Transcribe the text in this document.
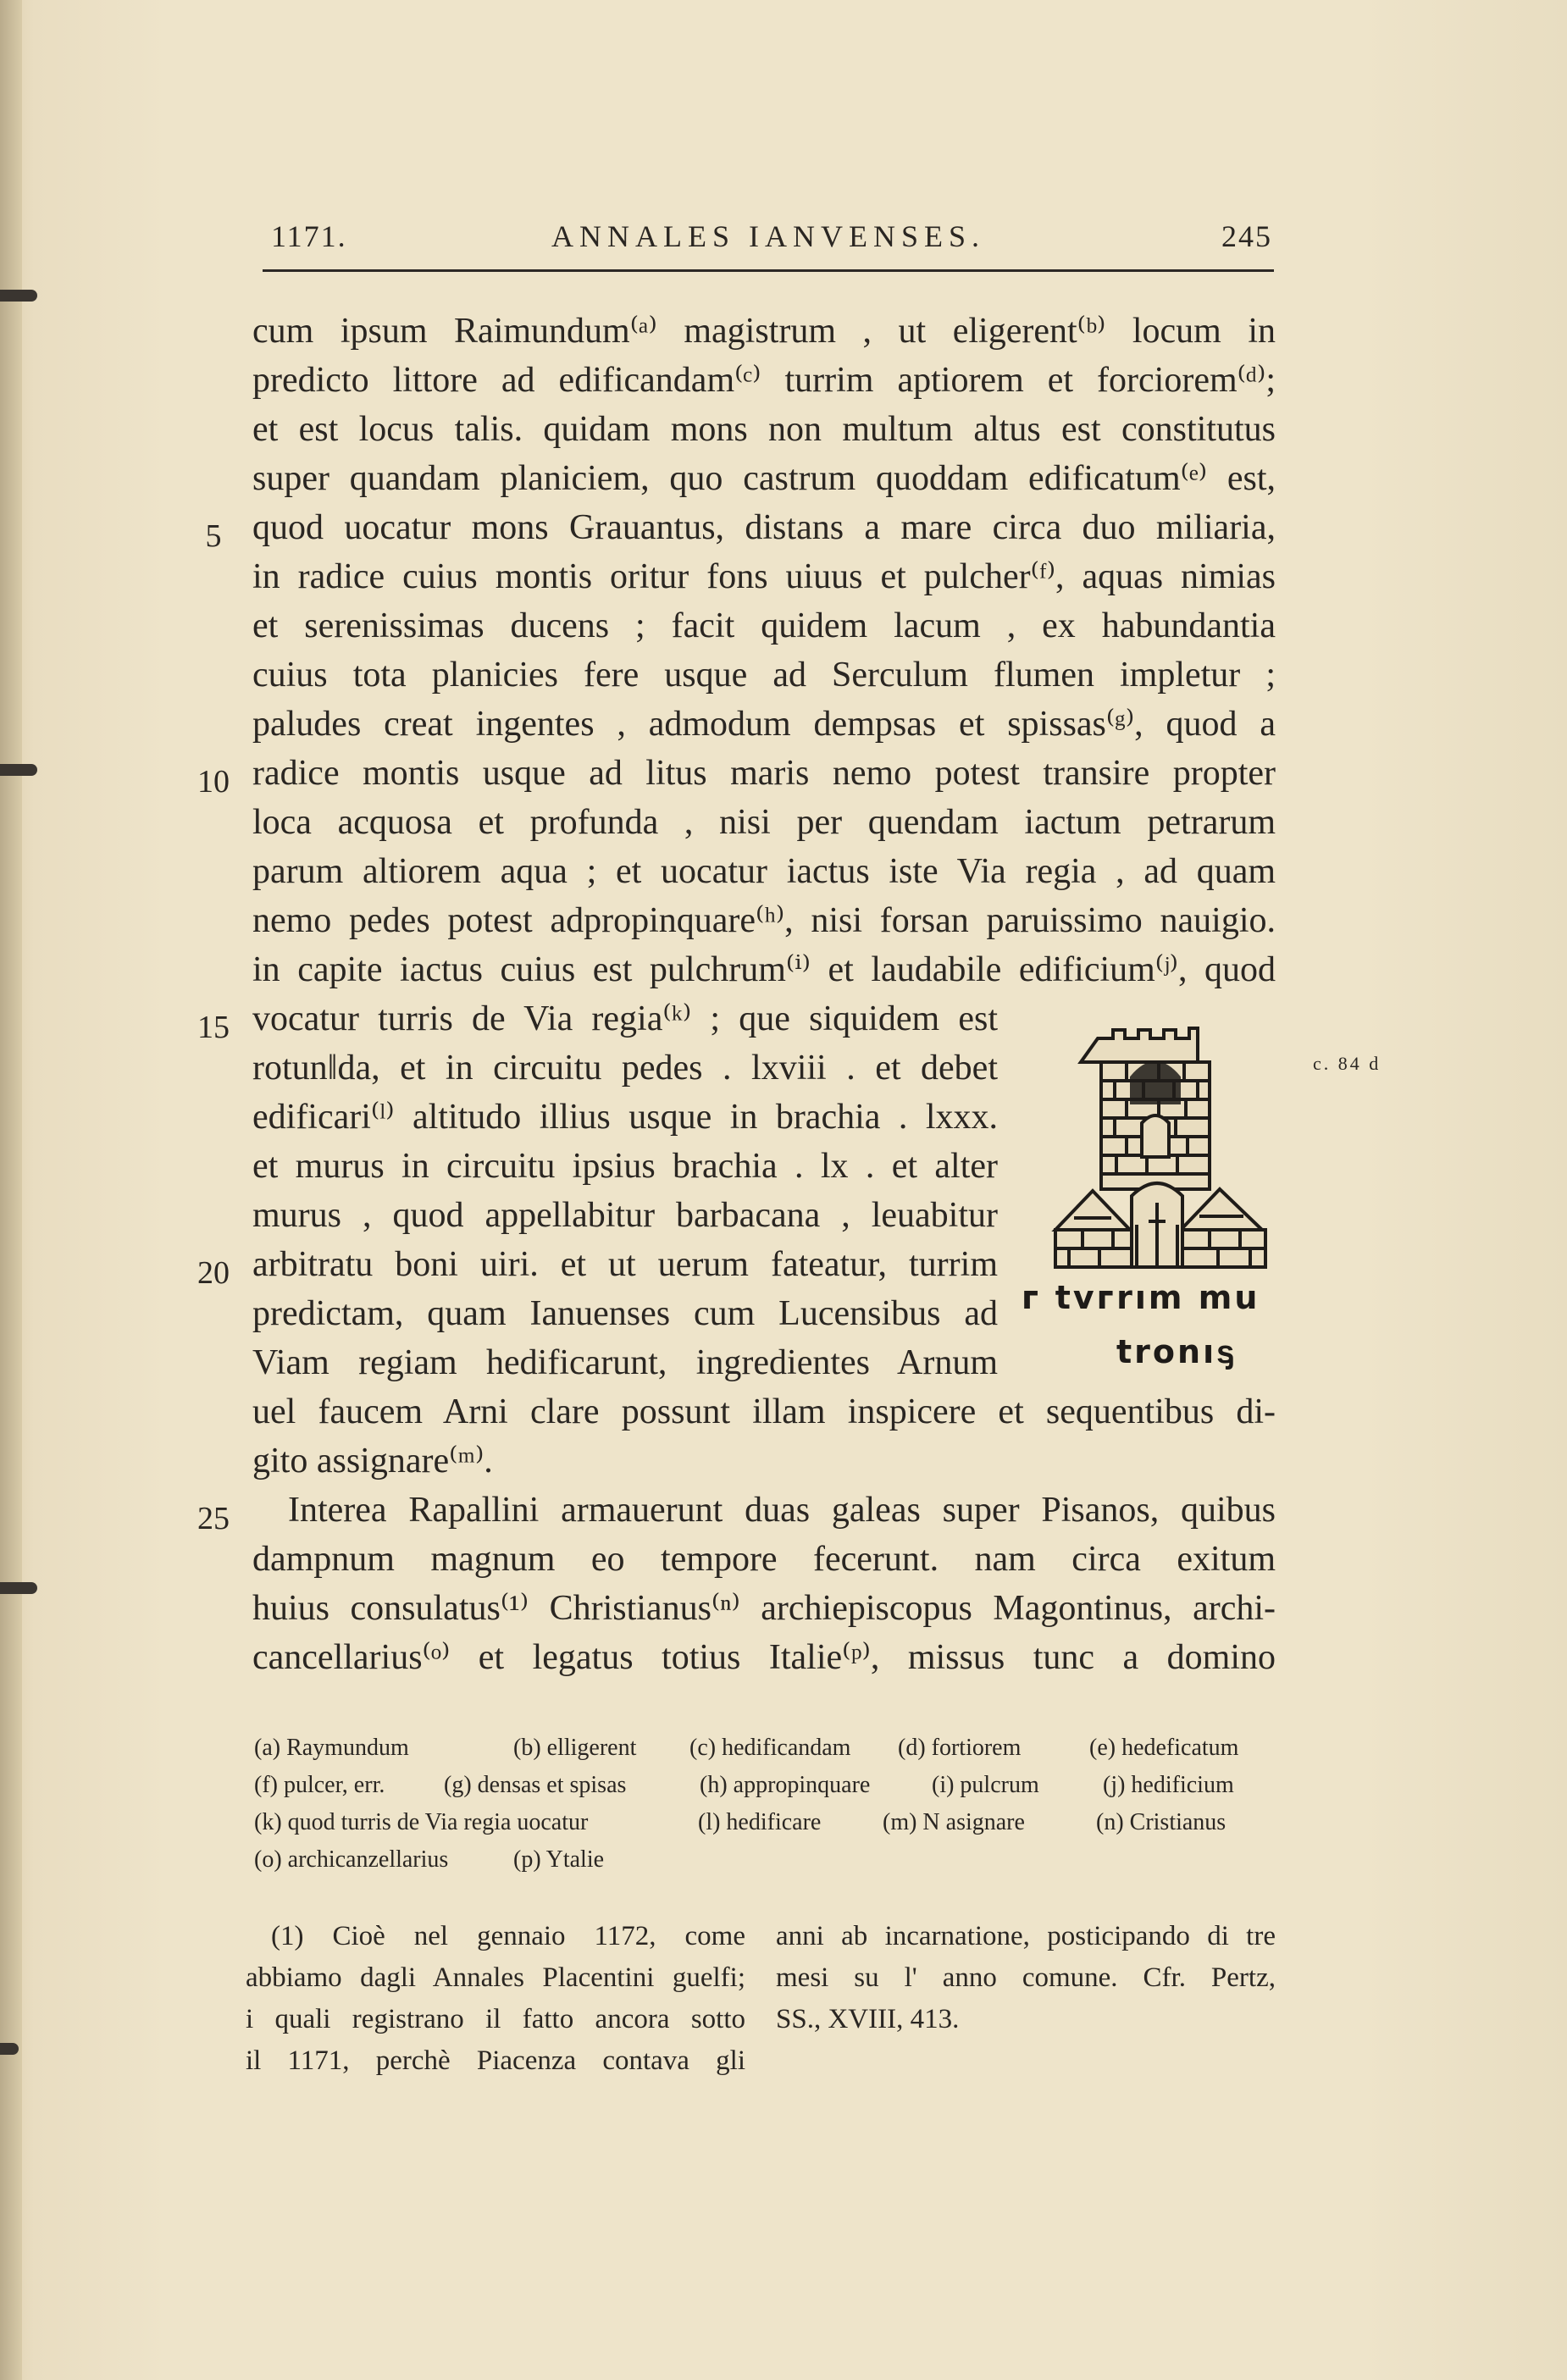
1171.	ANNALES IANVENSES.	245
cum ipsum Raimundum⁽ᵃ⁾ magistrum , ut eligerent⁽ᵇ⁾ locum in
predicto littore ad edificandam⁽ᶜ⁾ turrim aptiorem et forciorem⁽ᵈ⁾;
et est locus talis. quidam mons non multum altus est constitutus
super quandam planiciem, quo castrum quoddam edificatum⁽ᵉ⁾ est,
quod uocatur mons Grauantus, distans a mare circa duo miliaria,
in radice cuius montis oritur fons uiuus et pulcher⁽ᶠ⁾, aquas nimias
et serenissimas ducens ; facit quidem lacum , ex habundantia
cuius tota planicies fere usque ad Serculum flumen impletur ;
paludes creat ingentes , admodum dempsas et spissas⁽ᵍ⁾, quod a
radice montis usque ad litus maris nemo potest transire propter
loca acquosa et profunda , nisi per quendam iactum petrarum
parum altiorem aqua ; et uocatur iactus iste Via regia , ad quam
nemo pedes potest adpropinquare⁽ʰ⁾, nisi forsan paruissimo nauigio.
in capite iactus cuius est pulchrum⁽ⁱ⁾ et laudabile edificium⁽ʲ⁾, quod
vocatur turris de Via regia⁽ᵏ⁾ ; que siquidem est
rotun‖da, et in circuitu pedes . lxviii . et debet
edificari⁽ˡ⁾ altitudo illius usque in brachia . lxxx.
et murus in circuitu ipsius brachia . lx . et alter
murus , quod appellabitur barbacana , leuabitur
arbitratu boni uiri. et ut uerum fateatur, turrim
predictam, quam Ianuenses cum Lucensibus ad
Viam regiam hedificarunt, ingredientes Arnum
uel faucem Arni clare possunt illam inspicere et sequentibus di-
gito assignare⁽ᵐ⁾.
Interea Rapallini armauerunt duas galeas super Pisanos, quibus
dampnum magnum eo tempore fecerunt. nam circa exitum
huius consulatus⁽¹⁾ Christianus⁽ⁿ⁾ archiepiscopus Magontinus, archi-
cancellarius⁽ᵒ⁾ et legatus totius Italie⁽ᵖ⁾, missus tunc a domino
5
10
15
20
25
c. 84 d
ᴦ tvᴦrım mu
tronıᶊ
(a) Raymundum	(b) elligerent (c) hedificandam (d) fortiorem	(e) hedeficatum
(f) pulcer, err. (g) densas et spisas	(h) appropinquare	(i) pulcrum	(j) hedificium
(k) quod turris de Via regia uocatur	(l) hedificare	(m) N asignare	(n) Cristianus
(o) archicanzellarius	(p) Ytalie
(1) Cioè nel gennaio 1172, come
abbiamo dagli Annales Placentini guelfi;
i quali registrano il fatto ancora sotto
il 1171, perchè Piacenza contava gli
anni ab incarnatione, posticipando di tre
mesi su l' anno comune. Cfr. Pertz,
SS., XVIII, 413.
